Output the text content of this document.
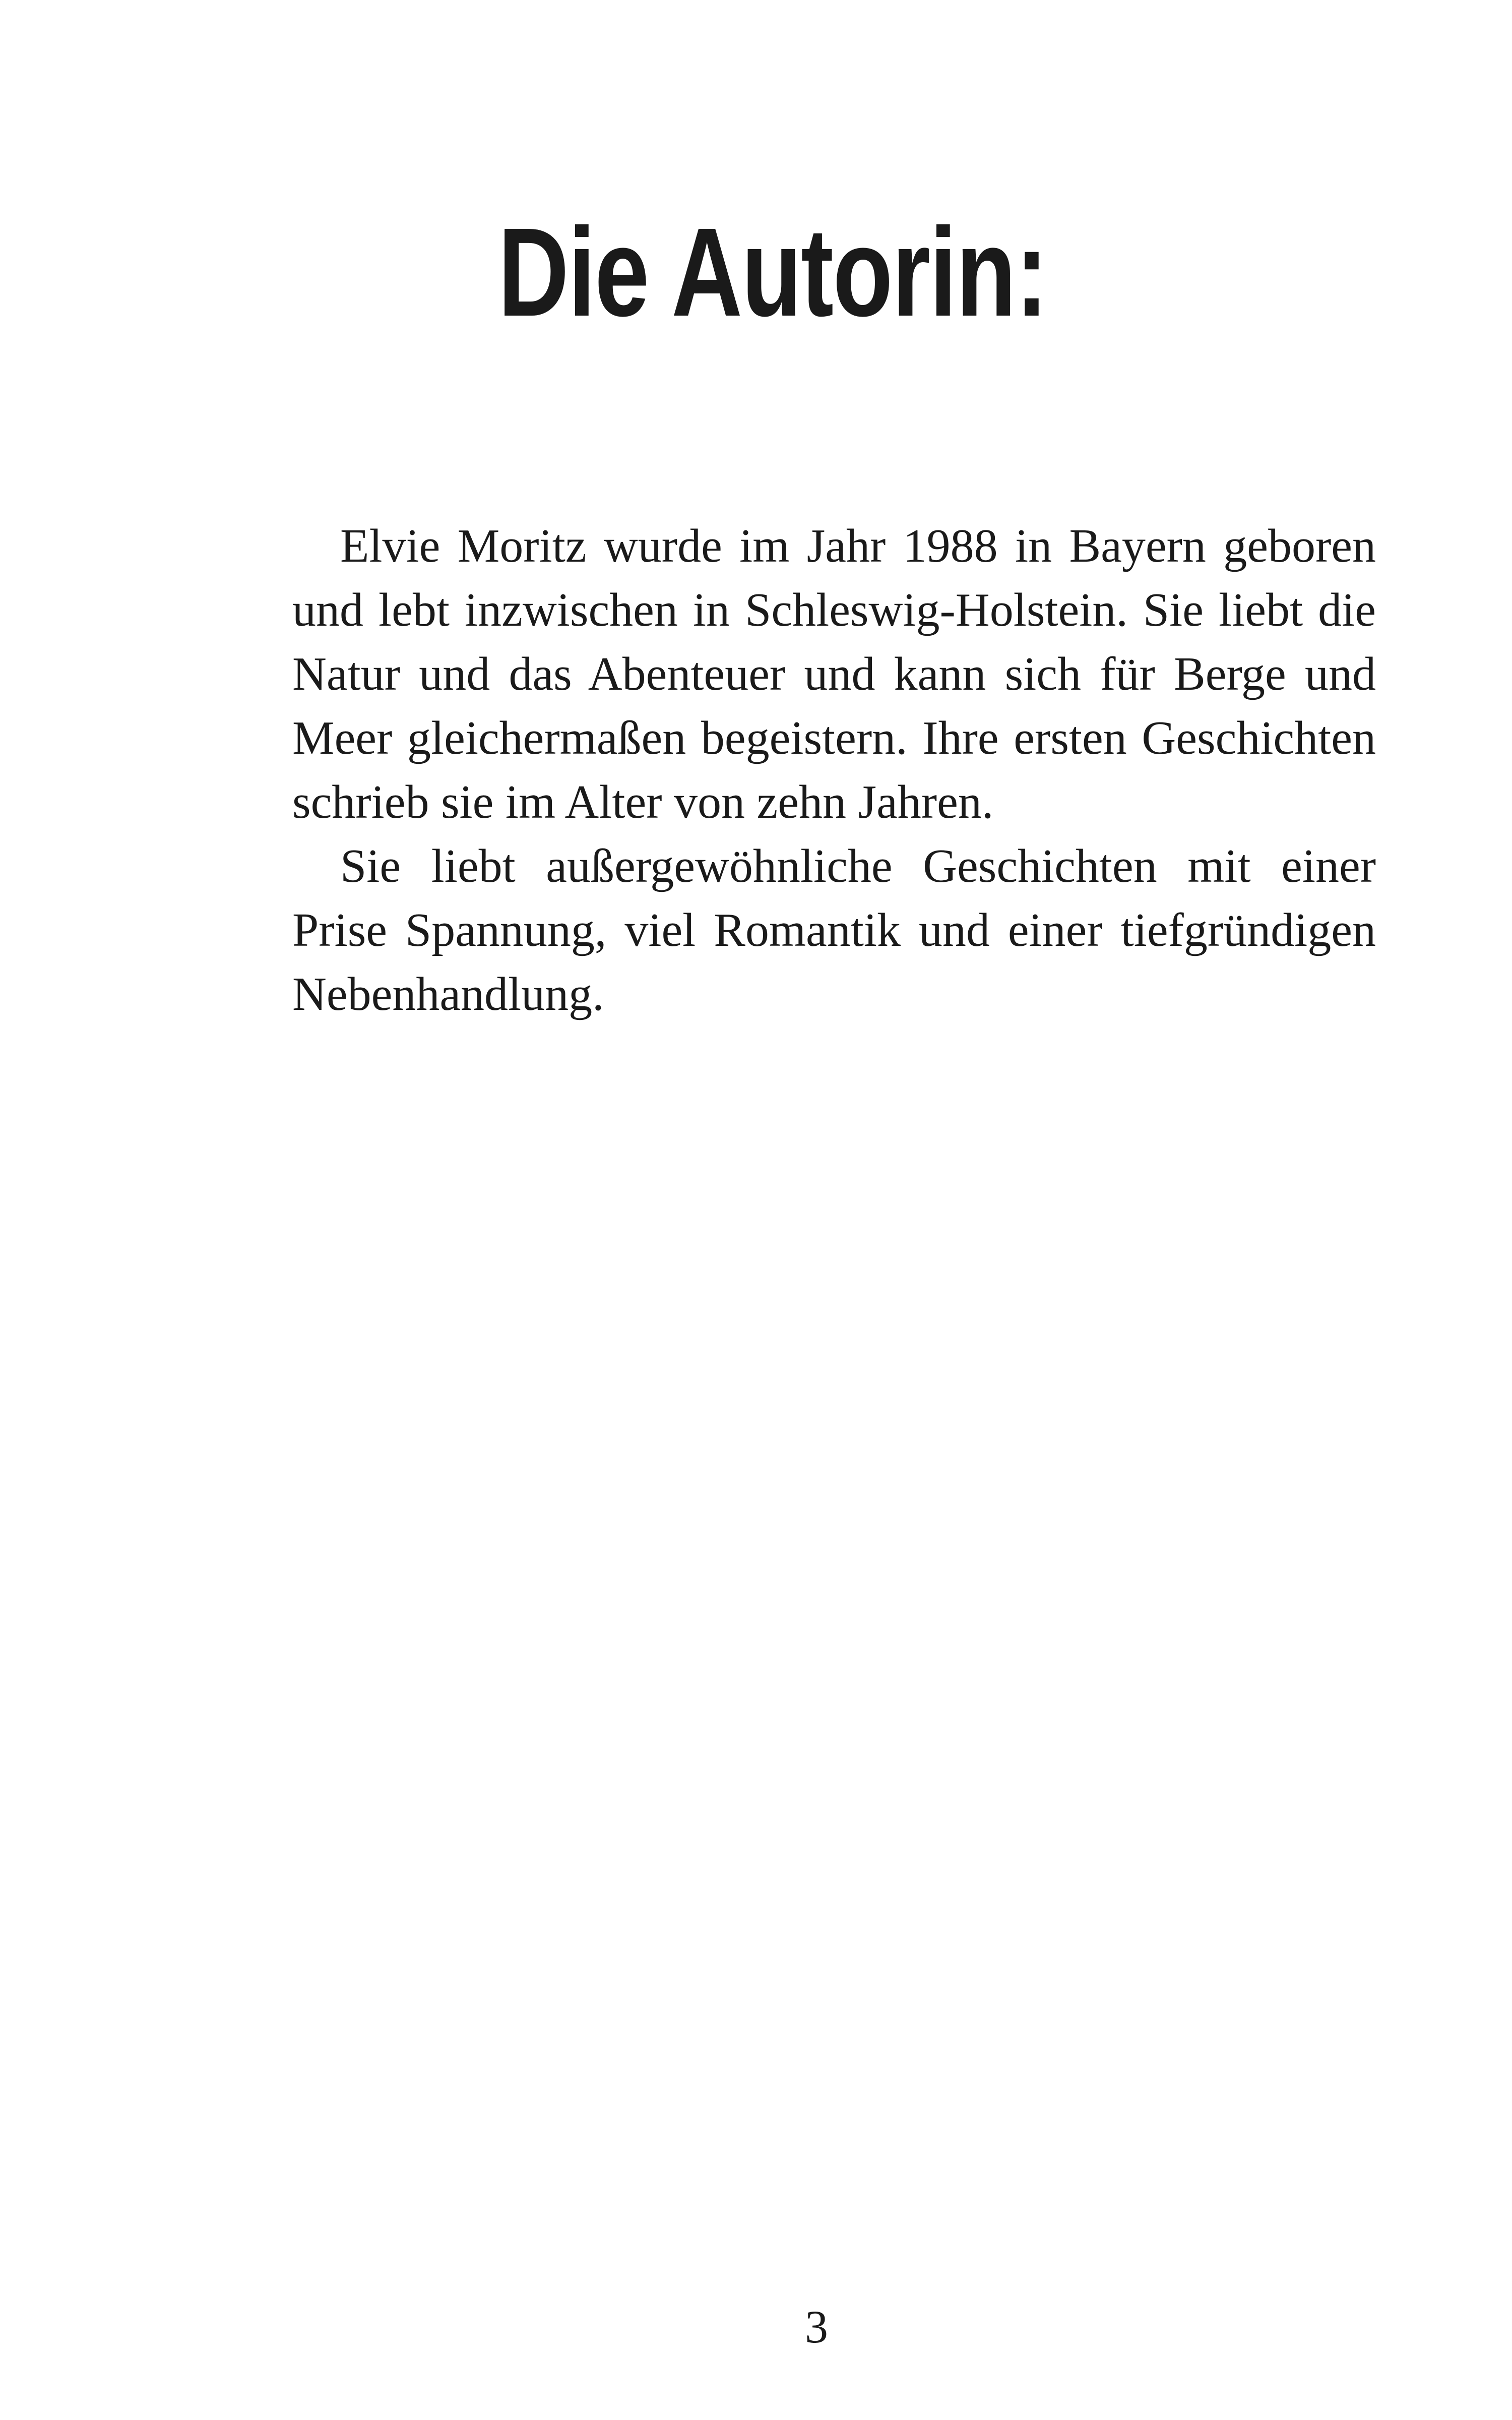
Die Autorin:

Elvie Moritz wurde im Jahr 1988 in Bayern geboren und lebt inzwischen in Schleswig-Holstein. Sie liebt die Natur und das Abenteuer und kann sich für Berge und Meer gleichermaßen begeistern. Ihre ersten Geschichten schrieb sie im Alter von zehn Jahren.

Sie liebt außergewöhnliche Geschichten mit einer Prise Spannung, viel Romantik und einer tiefgründigen Nebenhandlung.

3
